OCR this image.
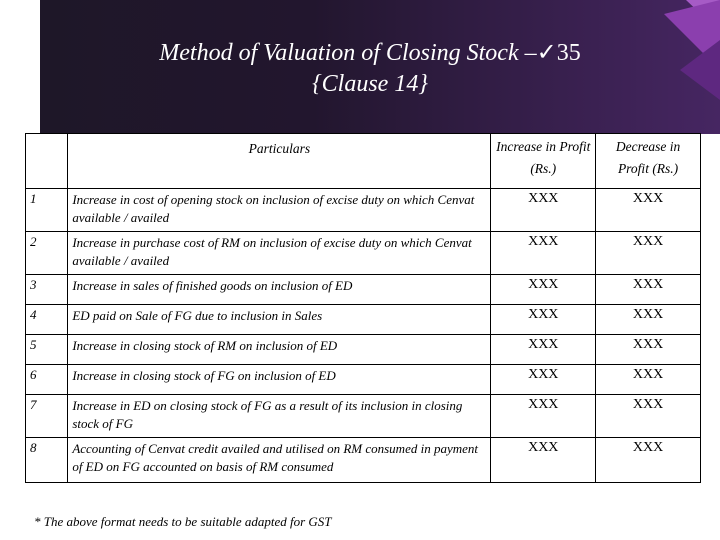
Method of Valuation of Closing Stock –✓35
{Clause 14}
	Particulars	Increase in Profit (Rs.)	Decrease in Profit (Rs.)
1	Increase in cost of opening stock on inclusion of excise duty on which Cenvat available / availed	XXX	XXX
2	Increase in purchase cost of RM on inclusion of excise duty on which Cenvat available / availed	XXX	XXX
3	Increase in sales of finished goods on inclusion of ED	XXX	XXX
4	ED paid on Sale of FG due to inclusion in Sales	XXX	XXX
5	Increase in closing stock of RM on inclusion of ED	XXX	XXX
6	Increase in closing stock of FG on inclusion of ED	XXX	XXX
7	Increase in ED on closing stock of FG as a result of its inclusion in closing stock of FG	XXX	XXX
8	Accounting of Cenvat credit availed and utilised on RM consumed in payment of ED on FG accounted on basis of RM consumed	XXX	XXX
* The above format needs to be suitable adapted for GST
